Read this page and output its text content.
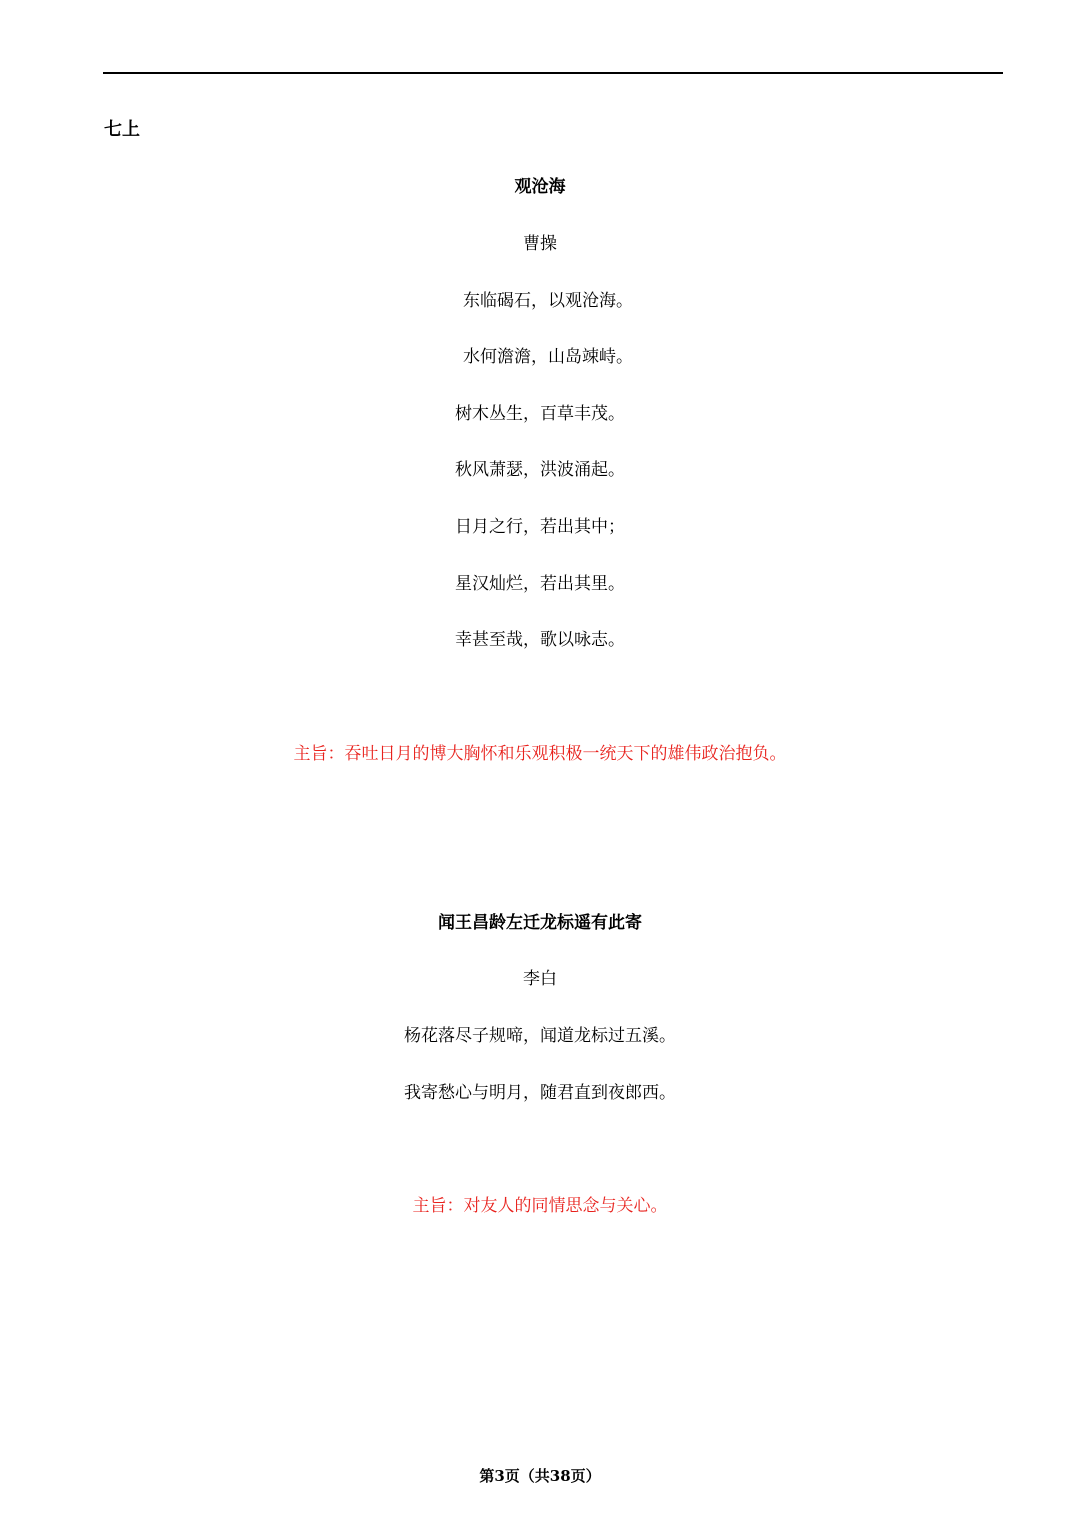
七上
观沧海
曹操
东临碣石，以观沧海。
水何澹澹，山岛竦峙。
树木丛生，百草丰茂。
秋风萧瑟，洪波涌起。
日月之行，若出其中；
星汉灿烂，若出其里。
幸甚至哉，歌以咏志。
主旨：吞吐日月的博大胸怀和乐观积极一统天下的雄伟政治抱负。
闻王昌龄左迁龙标遥有此寄
李白
杨花落尽子规啼，闻道龙标过五溪。
我寄愁心与明月，随君直到夜郎西。
主旨：对友人的同情思念与关心。
第3页（共38页）
